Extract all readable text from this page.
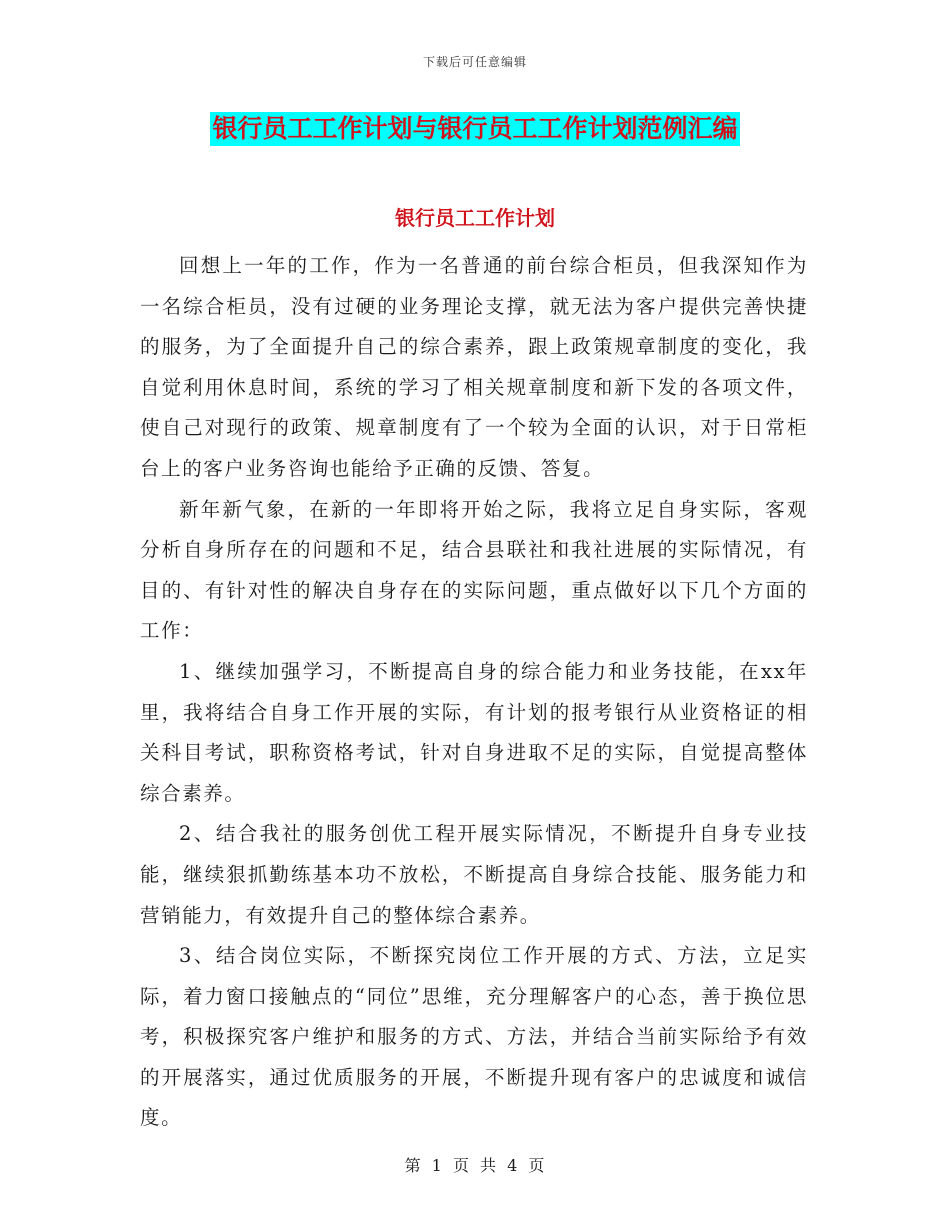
下载后可任意编辑
银行员工工作计划与银行员工工作计划范例汇编
银行员工工作计划

回想上一年的工作，作为一名普通的前台综合柜员，但我深知作为一名综合柜员，没有过硬的业务理论支撑，就无法为客户提供完善快捷的服务，为了全面提升自己的综合素养，跟上政策规章制度的变化，我自觉利用休息时间，系统的学习了相关规章制度和新下发的各项文件，使自己对现行的政策、规章制度有了一个较为全面的认识，对于日常柜台上的客户业务咨询也能给予正确的反馈、答复。

新年新气象，在新的一年即将开始之际，我将立足自身实际，客观分析自身所存在的问题和不足，结合县联社和我社进展的实际情况，有目的、有针对性的解决自身存在的实际问题，重点做好以下几个方面的工作：

1、继续加强学习，不断提高自身的综合能力和业务技能，在xx年里，我将结合自身工作开展的实际，有计划的报考银行从业资格证的相关科目考试，职称资格考试，针对自身进取不足的实际，自觉提高整体综合素养。

2、结合我社的服务创优工程开展实际情况，不断提升自身专业技能，继续狠抓勤练基本功不放松，不断提高自身综合技能、服务能力和营销能力，有效提升自己的整体综合素养。

3、结合岗位实际，不断探究岗位工作开展的方式、方法，立足实际，着力窗口接触点的“同位”思维，充分理解客户的心态，善于换位思考，积极探究客户维护和服务的方式、方法，并结合当前实际给予有效的开展落实，通过优质服务的开展，不断提升现有客户的忠诚度和诚信度。

第 1 页 共 4 页
